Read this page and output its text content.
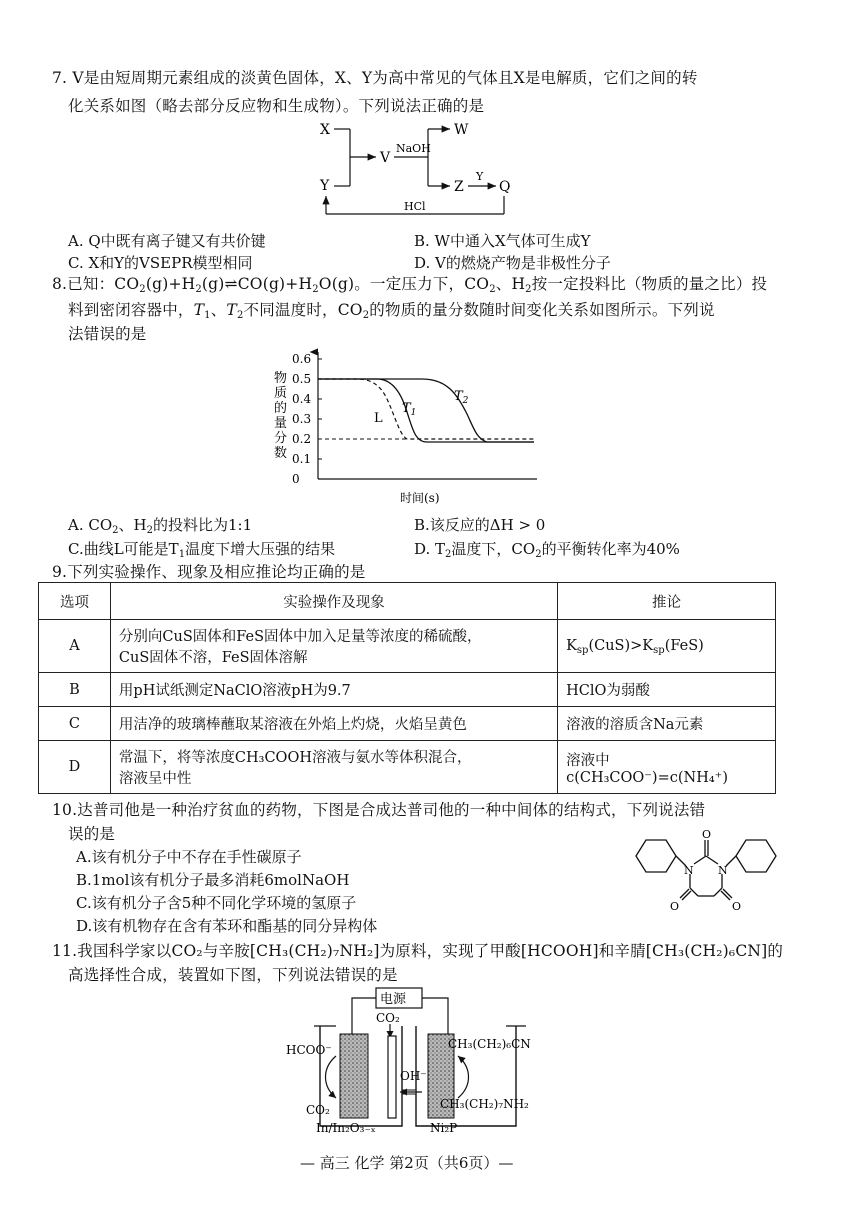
7. V是由短周期元素组成的淡黄色固体，X、Y为高中常见的气体且X是电解质，它们之间的转
化关系如图（略去部分反应物和生成物）。下列说法正确的是
X
Y
V
NaOH
W
Z
Y
Q
HCl
A. Q中既有离子键又有共价键	B. W中通入X气体可生成Y
C. X和Y的VSEPR模型相同	D. V的燃烧产物是非极性分子
8.已知：$CO_2(g)+H_2(g)\rightleftharpoons CO(g)+H_2O(g)$。一定压力下，$CO_2$、$H_2$按一定投料比（物质的量之比）投
料到密闭容器中，$T_1$、$T_2$不同温度时，$CO_2$的物质的量分数随时间变化关系如图所示。下列说
法错误的是
物质的量分数
0.6
0.5
0.4
0.3
0.2
0.1
0
L
$T_1$
$T_2$
时间(s)
A. $CO_2$、$H_2$的投料比为1:1	B.该反应的ΔH > 0
C.曲线L可能是$T_1$温度下增大压强的结果	D. $T_2$温度下，$CO_2$的平衡转化率为40%
9.下列实验操作、现象及相应推论均正确的是
选项	实验操作及现象	推论
A	分别向CuS固体和FeS固体中加入足量等浓度的稀硫酸，
CuS固体不溶，FeS固体溶解	$K_{sp}(CuS)>K_{sp}(FeS)$
B	用pH试纸测定NaClO溶液pH为9.7	HClO为弱酸
C	用洁净的玻璃棒蘸取某溶液在外焰上灼烧，火焰呈黄色	溶液的溶质含Na元素
D	常温下，将等浓度CH₃COOH溶液与氨水等体积混合，
溶液呈中性	溶液中c(CH₃COO⁻)=c(NH₄⁺)
10.达普司他是一种治疗贫血的药物，下图是合成达普司他的一种中间体的结构式，下列说法错
误的是
A.该有机分子中不存在手性碳原子
B.1mol该有机分子最多消耗6molNaOH
C.该有机分子含5种不同化学环境的氢原子
D.该有机物存在含有苯环和酯基的同分异构体
N N
O
O	O
11.我国科学家以CO₂与辛胺[CH₃(CH₂)₇NH₂]为原料，实现了甲酸[HCOOH]和辛腈[CH₃(CH₂)₆CN]的
高选择性合成，装置如下图，下列说法错误的是
电源
CO₂
OH⁻
HCOO⁻
CO₂
In/In₂O₃₋ₓ
CH₃(CH₂)₆CN
CH₃(CH₂)₇NH₂
Ni₂P
— 高三 化学 第2页（共6页）—
